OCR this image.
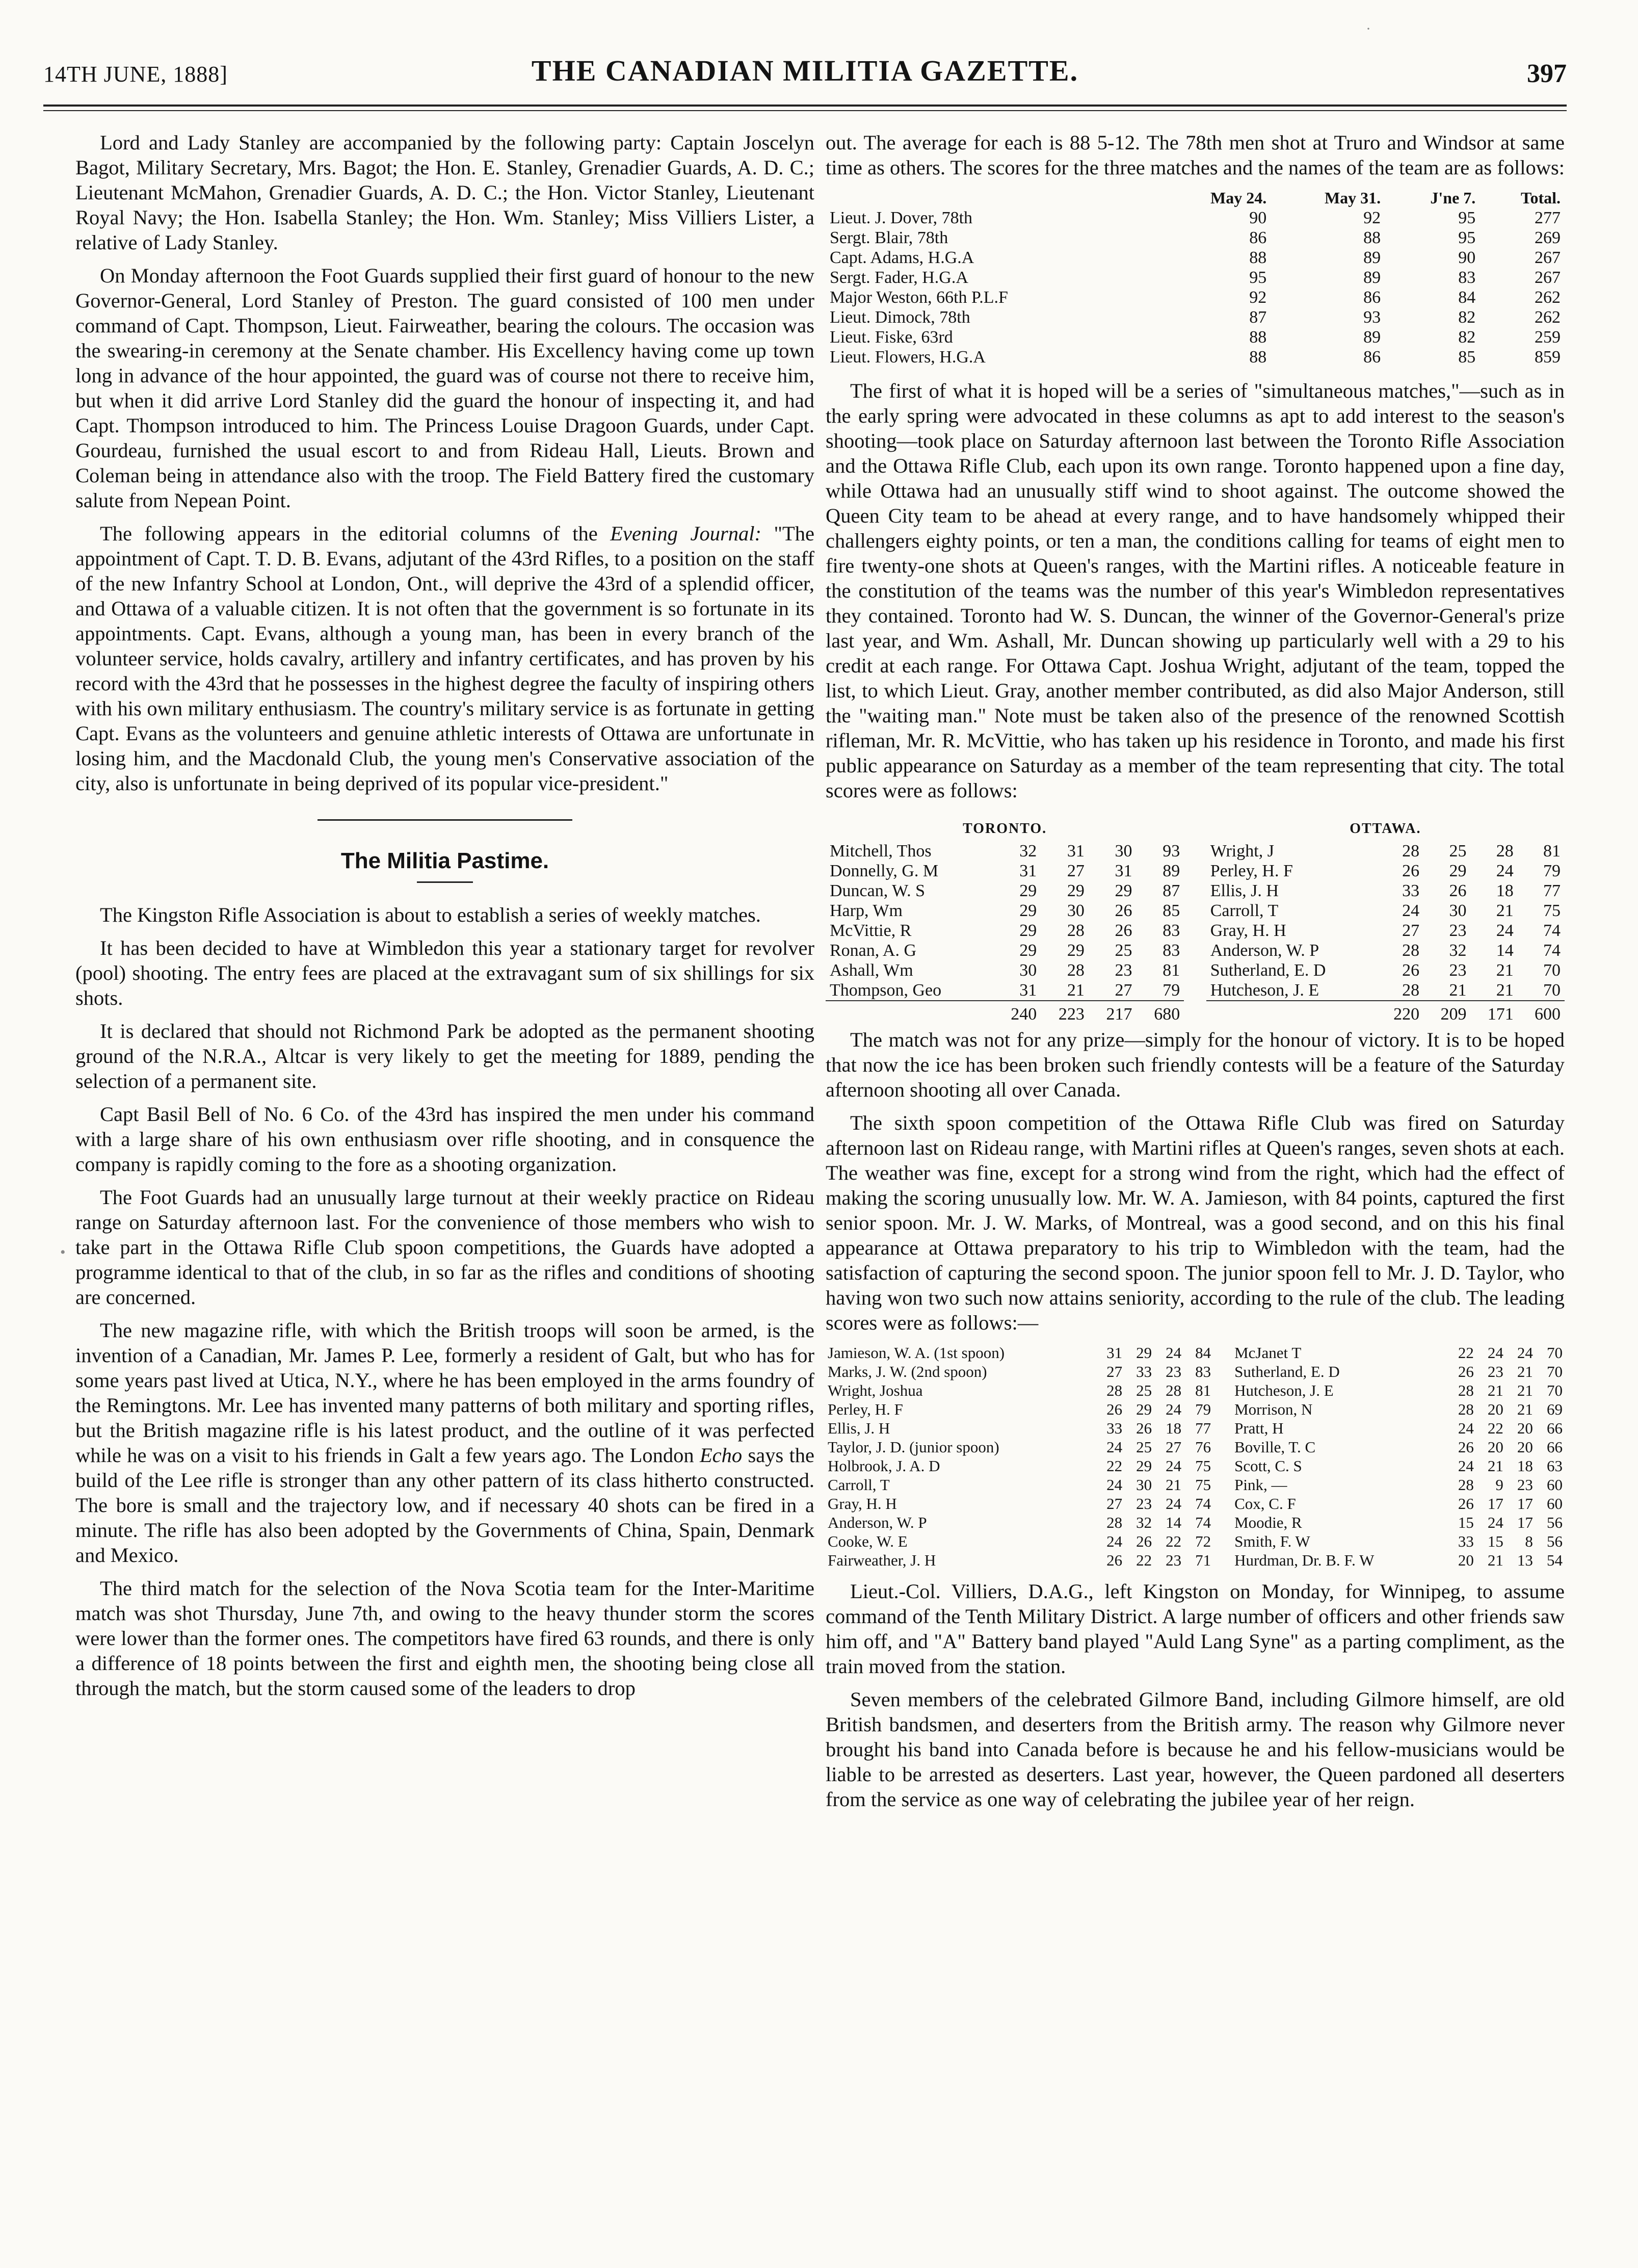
14TH JUNE, 1888]	THE CANADIAN MILITIA GAZETTE.	397

Lord and Lady Stanley are accompanied by the following party: Captain Joscelyn Bagot, Military Secretary, Mrs. Bagot; the Hon. E. Stanley, Grenadier Guards, A. D. C.; Lieutenant McMahon, Grenadier Guards, A. D. C.; the Hon. Victor Stanley, Lieutenant Royal Navy; the Hon. Isabella Stanley; the Hon. Wm. Stanley; Miss Villiers Lister, a relative of Lady Stanley.

On Monday afternoon the Foot Guards supplied their first guard of honour to the new Governor-General, Lord Stanley of Preston. The guard consisted of 100 men under command of Capt. Thompson, Lieut. Fairweather, bearing the colours. The occasion was the swearing-in ceremony at the Senate chamber. His Excellency having come up town long in advance of the hour appointed, the guard was of course not there to receive him, but when it did arrive Lord Stanley did the guard the honour of inspecting it, and had Capt. Thompson introduced to him. The Princess Louise Dragoon Guards, under Capt. Gourdeau, furnished the usual escort to and from Rideau Hall, Lieuts. Brown and Coleman being in attendance also with the troop. The Field Battery fired the customary salute from Nepean Point.

The following appears in the editorial columns of the Evening Journal: "The appointment of Capt. T. D. B. Evans, adjutant of the 43rd Rifles, to a position on the staff of the new Infantry School at London, Ont., will deprive the 43rd of a splendid officer, and Ottawa of a valuable citizen. It is not often that the government is so fortunate in its appointments. Capt. Evans, although a young man, has been in every branch of the volunteer service, holds cavalry, artillery and infantry certificates, and has proven by his record with the 43rd that he possesses in the highest degree the faculty of inspiring others with his own military enthusiasm. The country's military service is as fortunate in getting Capt. Evans as the volunteers and genuine athletic interests of Ottawa are unfortunate in losing him, and the Macdonald Club, the young men's Conservative association of the city, also is unfortunate in being deprived of its popular vice-president."

The Militia Pastime.

The Kingston Rifle Association is about to establish a series of weekly matches.

It has been decided to have at Wimbledon this year a stationary target for revolver (pool) shooting. The entry fees are placed at the extravagant sum of six shillings for six shots.

It is declared that should not Richmond Park be adopted as the permanent shooting ground of the N.R.A., Altcar is very likely to get the meeting for 1889, pending the selection of a permanent site.

Capt Basil Bell of No. 6 Co. of the 43rd has inspired the men under his command with a large share of his own enthusiasm over rifle shooting, and in consquence the company is rapidly coming to the fore as a shooting organization.

The Foot Guards had an unusually large turnout at their weekly practice on Rideau range on Saturday afternoon last. For the convenience of those members who wish to take part in the Ottawa Rifle Club spoon competitions, the Guards have adopted a programme identical to that of the club, in so far as the rifles and conditions of shooting are concerned.

The new magazine rifle, with which the British troops will soon be armed, is the invention of a Canadian, Mr. James P. Lee, formerly a resident of Galt, but who has for some years past lived at Utica, N.Y., where he has been employed in the arms foundry of the Remingtons. Mr. Lee has invented many patterns of both military and sporting rifles, but the British magazine rifle is his latest product, and the outline of it was perfected while he was on a visit to his friends in Galt a few years ago. The London Echo says the build of the Lee rifle is stronger than any other pattern of its class hitherto constructed. The bore is small and the trajectory low, and if necessary 40 shots can be fired in a minute. The rifle has also been adopted by the Governments of China, Spain, Denmark and Mexico.

The third match for the selection of the Nova Scotia team for the Inter-Maritime match was shot Thursday, June 7th, and owing to the heavy thunder storm the scores were lower than the former ones. The competitors have fired 63 rounds, and there is only a difference of 18 points between the first and eighth men, the shooting being close all through the match, but the storm caused some of the leaders to drop

out. The average for each is 88 5-12. The 78th men shot at Truro and Windsor at same time as others. The scores for the three matches and the names of the team are as follows:

	May 24.	May 31.	J'ne 7.	Total.
Lieut. J. Dover, 78th	90	92	95	277
Sergt. Blair, 78th	86	88	95	269
Capt. Adams, H.G.A	88	89	90	267
Sergt. Fader, H.G.A	95	89	83	267
Major Weston, 66th P.L.F	92	86	84	262
Lieut. Dimock, 78th	87	93	82	262
Lieut. Fiske, 63rd	88	89	82	259
Lieut. Flowers, H.G.A	88	86	85	859

The first of what it is hoped will be a series of "simultaneous matches,"—such as in the early spring were advocated in these columns as apt to add interest to the season's shooting—took place on Saturday afternoon last between the Toronto Rifle Association and the Ottawa Rifle Club, each upon its own range. Toronto happened upon a fine day, while Ottawa had an unusually stiff wind to shoot against. The outcome showed the Queen City team to be ahead at every range, and to have handsomely whipped their challengers eighty points, or ten a man, the conditions calling for teams of eight men to fire twenty-one shots at Queen's ranges, with the Martini rifles. A noticeable feature in the constitution of the teams was the number of this year's Wimbledon representatives they contained. Toronto had W. S. Duncan, the winner of the Governor-General's prize last year, and Wm. Ashall, Mr. Duncan showing up particularly well with a 29 to his credit at each range. For Ottawa Capt. Joshua Wright, adjutant of the team, topped the list, to which Lieut. Gray, another member contributed, as did also Major Anderson, still the "waiting man." Note must be taken also of the presence of the renowned Scottish rifleman, Mr. R. McVittie, who has taken up his residence in Toronto, and made his first public appearance on Saturday as a member of the team representing that city. The total scores were as follows:

TORONTO.
Mitchell, Thos	32	31	30	93
Donnelly, G. M	31	27	31	89
Duncan, W. S	29	29	29	87
Harp, Wm	29	30	26	85
McVittie, R	29	28	26	83
Ronan, A. G	29	29	25	83
Ashall, Wm	30	28	23	81
Thompson, Geo	31	21	27	79
	240	223	217	680
OTTAWA.
Wright, J	28	25	28	81
Perley, H. F	26	29	24	79
Ellis, J. H	33	26	18	77
Carroll, T	24	30	21	75
Gray, H. H	27	23	24	74
Anderson, W. P	28	32	14	74
Sutherland, E. D	26	23	21	70
Hutcheson, J. E	28	21	21	70
	220	209	171	600

The match was not for any prize—simply for the honour of victory. It is to be hoped that now the ice has been broken such friendly contests will be a feature of the Saturday afternoon shooting all over Canada.

The sixth spoon competition of the Ottawa Rifle Club was fired on Saturday afternoon last on Rideau range, with Martini rifles at Queen's ranges, seven shots at each. The weather was fine, except for a strong wind from the right, which had the effect of making the scoring unusually low. Mr. W. A. Jamieson, with 84 points, captured the first senior spoon. Mr. J. W. Marks, of Montreal, was a good second, and on this his final appearance at Ottawa preparatory to his trip to Wimbledon with the team, had the satisfaction of capturing the second spoon. The junior spoon fell to Mr. J. D. Taylor, who having won two such now attains seniority, according to the rule of the club. The leading scores were as follows:—

Jamieson, W. A. (1st spoon)	31	29	24	84		McJanet T	22	24	24	70
Marks, J. W. (2nd spoon)	27	33	23	83		Sutherland, E. D	26	23	21	70
Wright, Joshua	28	25	28	81		Hutcheson, J. E	28	21	21	70
Perley, H. F	26	29	24	79		Morrison, N	28	20	21	69
Ellis, J. H	33	26	18	77		Pratt, H	24	22	20	66
Taylor, J. D. (junior spoon)	24	25	27	76		Boville, T. C	26	20	20	66
Holbrook, J. A. D	22	29	24	75		Scott, C. S	24	21	18	63
Carroll, T	24	30	21	75		Pink, —	28	9	23	60
Gray, H. H	27	23	24	74		Cox, C. F	26	17	17	60
Anderson, W. P	28	32	14	74		Moodie, R	15	24	17	56
Cooke, W. E	24	26	22	72		Smith, F. W	33	15	8	56
Fairweather, J. H	26	22	23	71		Hurdman, Dr. B. F. W	20	21	13	54

Lieut.-Col. Villiers, D.A.G., left Kingston on Monday, for Winnipeg, to assume command of the Tenth Military District. A large number of officers and other friends saw him off, and "A" Battery band played "Auld Lang Syne" as a parting compliment, as the train moved from the station.

Seven members of the celebrated Gilmore Band, including Gilmore himself, are old British bandsmen, and deserters from the British army. The reason why Gilmore never brought his band into Canada before is because he and his fellow-musicians would be liable to be arrested as deserters. Last year, however, the Queen pardoned all deserters from the service as one way of celebrating the jubilee year of her reign.

·
•
